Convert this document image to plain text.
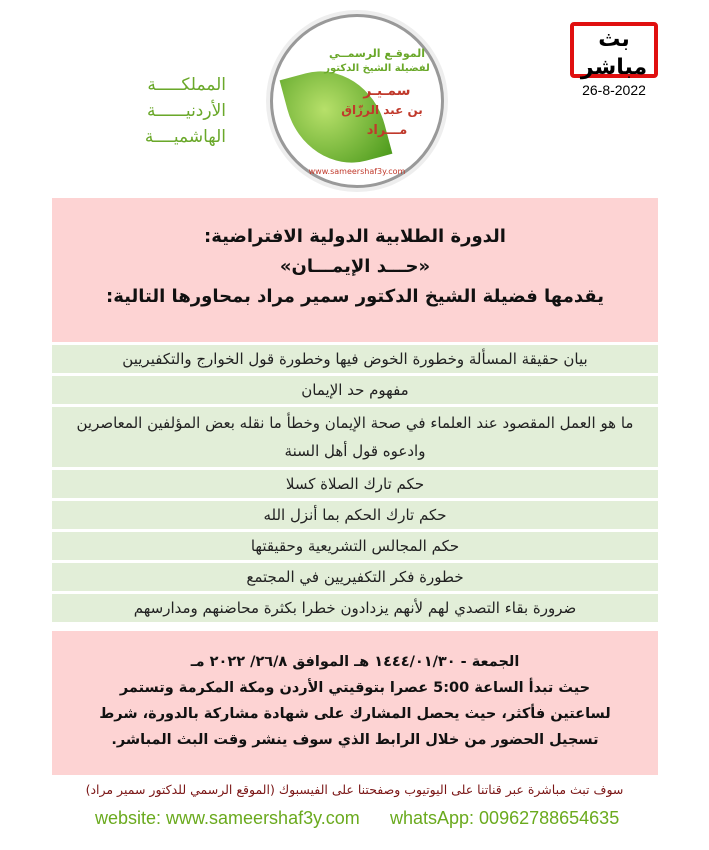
المملكـــــة
الأردنيــــــة
الهاشميــــة
الموقـع الرسمــي
لفضيلة الشيخ الدكتور
سمـيـر
بن عبد الرزّاق
مـــراد
www.sameershaf3y.com
بث مباشر
26-8-2022
الدورة الطلابية الدولية الافتراضية:
«حـــد الإيمـــان»
يقدمها فضيلة الشيخ الدكتور سمير مراد بمحاورها التالية:
بيان حقيقة المسألة وخطورة الخوض فيها وخطورة قول الخوارج والتكفيريين
مفهوم حد الإيمان
ما هو العمل المقصود عند العلماء في صحة الإيمان وخطأ ما نقله بعض المؤلفين المعاصرين وادعوه قول أهل السنة
حكم تارك الصلاة كسلا
حكم تارك الحكم بما أنزل الله
حكم المجالس التشريعية وحقيقتها
خطورة فكر التكفيريين في المجتمع
ضرورة بقاء التصدي لهم لأنهم يزدادون خطرا بكثرة محاضنهم ومدارسهم
الجمعة - ١٤٤٤/٠١/٣٠ هـ الموافق ٢٦/٨/ ٢٠٢٢ مـ
حيث تبدأ الساعة 5:00 عصرا بتوقيتي الأردن ومكة المكرمة وتستمر
لساعتين فأكثر، حيث يحصل المشارك على شهادة مشاركة بالدورة، شرط
تسجيل الحضور من خلال الرابط الذي سوف ينشر وقت البث المباشر.
سوف تبث مباشرة عبر قناتنا على اليوتيوب وصفحتنا على الفيسبوك (الموقع الرسمي للدكتور سمير مراد)
website: www.sameershaf3y.com whatsApp: 00962788654635
